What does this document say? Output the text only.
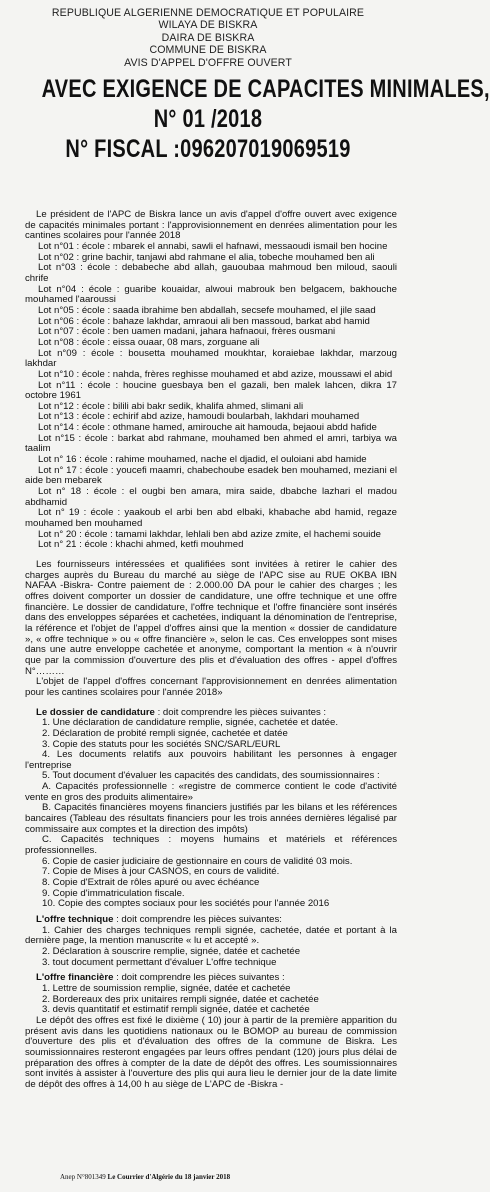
REPUBLIQUE ALGERIENNE DEMOCRATIQUE ET POPULAIRE
WILAYA DE BISKRA
DAIRA DE BISKRA
COMMUNE DE BISKRA
AVIS D'APPEL D'OFFRE OUVERT
AVEC EXIGENCE DE CAPACITES MINIMALES,
N° 01 /2018
N° FISCAL :096207019069519

Le président de l'APC de Biskra lance un avis d'appel d'offre ouvert avec exigence de capacités minimales portant : l'approvisionnement en denrées alimentation pour les cantines scolaires pour l'année 2018

Lot n°01 : école : mbarek el annabi, sawli el hafnawi, messaoudi ismail ben hocine

Lot n°02 : grine bachir, tanjawi abd rahmane el alia, tobeche mouhamed ben ali

Lot n°03 : école : debabeche abd allah, gauoubaa mahmoud ben miloud, saouli chrife

Lot n°04 : école : guaribe kouaidar, alwoui mabrouk ben belgacem, bakhouche mouhamed l'aaroussi

Lot n°05 : école : saada ibrahime ben abdallah, secsefe mouhamed, el jile saad

Lot n°06 : école : bahaze lakhdar, amraoui ali ben massoud, barkat abd hamid

Lot n°07 : école : ben uamen madani, jahara hafnaoui, frères ousmani

Lot n°08 : école : eissa ouaar, 08 mars, zorguane ali

Lot n°09 : école : bousetta mouhamed moukhtar, koraiebae lakhdar, marzoug lakhdar

Lot n°10 : école : nahda, frères reghisse mouhamed et abd azize, moussawi el abid

Lot n°11 : école : houcine guesbaya ben el gazali, ben malek lahcen, dikra 17 octobre 1961

Lot n°12 : école : bilili abi bakr sedik, khalifa ahmed, slimani ali

Lot n°13 : école : echirif abd azize, hamoudi boularbah, lakhdari mouhamed

Lot n°14 : école : othmane hamed, amirouche ait hamouda, bejaoui abdd hafide

Lot n°15 : école : barkat abd rahmane, mouhamed ben ahmed el amri, tarbiya wa taalim

Lot n° 16 : école : rahime mouhamed, nache el djadid, el ouloiani abd hamide

Lot n° 17 : école : youcefi maamri, chabechoube esadek ben mouhamed, meziani el aide ben mebarek

Lot n° 18 : école : el ougbi ben amara, mira saide, dbabche lazhari el madou abdhamid

Lot n° 19 : école : yaakoub el arbi ben abd elbaki, khabache abd hamid, regaze mouhamed ben mouhamed

Lot n° 20 : école : tamami lakhdar, lehlali ben abd azize zmite, el hachemi souide

Lot n° 21 : école : khachi ahmed, ketfi mouhmed

Les fournisseurs intéressées et qualifiées sont invitées à retirer le cahier des charges auprès du Bureau du marché au siège de l'APC sise au RUE OKBA IBN NAFAA -Biskra- Contre paiement de : 2.000.00 DA pour le cahier des charges ; les offres doivent comporter un dossier de candidature, une offre technique et une offre financière. Le dossier de candidature, l'offre technique et l'offre financière sont insérés dans des enveloppes séparées et cachetées, indiquant la dénomination de l'entreprise, la référence et l'objet de l'appel d'offres ainsi que la mention « dossier de candidature », « offre technique » ou « offre financière », selon le cas. Ces enveloppes sont mises dans une autre enveloppe cachetée et anonyme, comportant la mention « à n'ouvrir que par la commission d'ouverture des plis et d'évaluation des offres - appel d'offres N°………

L'objet de l'appel d'offres concernant l'approvisionnement en denrées alimentation pour les cantines scolaires pour l'année 2018»

Le dossier de candidature : doit comprendre les pièces suivantes :

1. Une déclaration de candidature remplie, signée, cachetée et datée.

2. Déclaration de probité rempli signée, cachetée et datée

3. Copie des statuts pour les sociétés SNC/SARL/EURL

4. Les documents relatifs aux pouvoirs habilitant les personnes à engager l'entreprise

5. Tout document d'évaluer les capacités des candidats, des soumissionnaires :

A. Capacités professionnelle : «registre de commerce contient le code d'activité vente en gros des produits alimentaire»

B. Capacités financières moyens financiers justifiés par les bilans et les références bancaires (Tableau des résultats financiers pour les trois années dernières légalisé par commissaire aux comptes et la direction des impôts)

C. Capacités techniques : moyens humains et matériels et références professionnelles.

6. Copie de casier judiciaire de gestionnaire en cours de validité 03 mois.

7. Copie de Mises à jour CASNOS, en cours de validité.

8. Copie d'Extrait de rôles apuré ou avec échéance

9. Copie d'immatriculation fiscale.

10. Copie des comptes sociaux pour les sociétés pour l'année 2016

L'offre technique : doit comprendre les pièces suivantes:

1. Cahier des charges techniques rempli signée, cachetée, datée et portant à la dernière page, la mention manuscrite « lu et accepté ».

2. Déclaration à souscrire remplie, signée, datée et cachetée

3. tout document permettant d'évaluer L'offre technique

L'offre financière : doit comprendre les pièces suivantes :

1. Lettre de soumission remplie, signée, datée et cachetée

2. Bordereaux des prix unitaires rempli signée, datée et cachetée

3. devis quantitatif et estimatif rempli signée, datée et cachetée

Le dépôt des offres est fixé le dixième ( 10) jour à partir de la première apparition du présent avis dans les quotidiens nationaux ou le BOMOP au bureau de commission d'ouverture des plis et d'évaluation des offres de la commune de Biskra. Les soumissionnaires resteront engagées par leurs offres pendant (120) jours plus délai de préparation des offres à compter de la date de dépôt des offres. Les soumissionnaires sont invités à assister à l'ouverture des plis qui aura lieu le dernier jour de la date limite de dépôt des offres à 14,00 h au siège de L'APC de -Biskra -

Anep N°801349 Le Courrier d'Algérie du 18 janvier 2018
